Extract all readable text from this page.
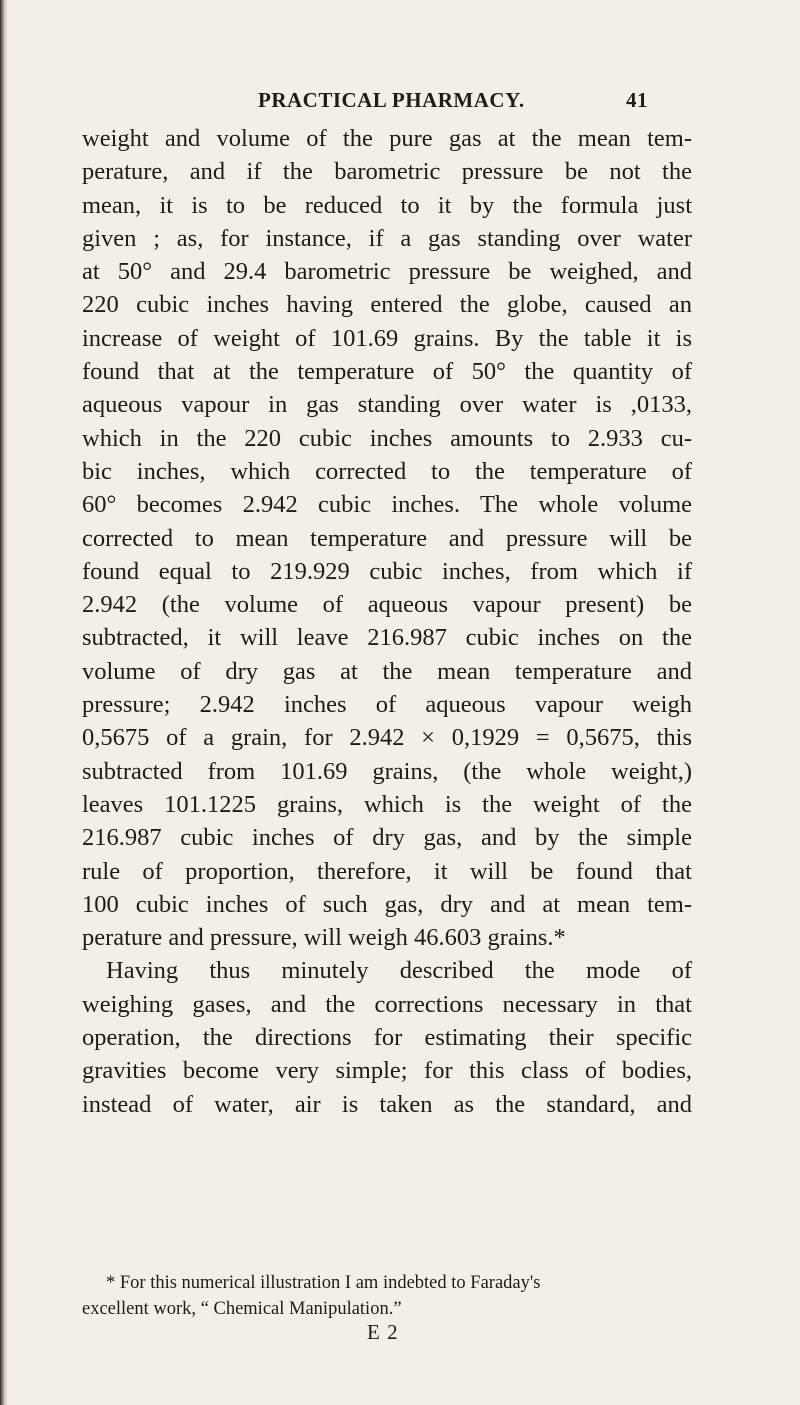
PRACTICAL PHARMACY.	41
weight and volume of the pure gas at the mean tem-
perature, and if the barometric pressure be not the
mean, it is to be reduced to it by the formula just
given ; as, for instance, if a gas standing over water
at 50° and 29.4 barometric pressure be weighed, and
220 cubic inches having entered the globe, caused an
increase of weight of 101.69 grains. By the table it is
found that at the temperature of 50° the quantity of
aqueous vapour in gas standing over water is ,0133,
which in the 220 cubic inches amounts to 2.933 cu-
bic inches, which corrected to the temperature of
60° becomes 2.942 cubic inches. The whole volume
corrected to mean temperature and pressure will be
found equal to 219.929 cubic inches, from which if
2.942 (the volume of aqueous vapour present) be
subtracted, it will leave 216.987 cubic inches on the
volume of dry gas at the mean temperature and
pressure; 2.942 inches of aqueous vapour weigh
0,5675 of a grain, for 2.942 × 0,1929 = 0,5675, this
subtracted from 101.69 grains, (the whole weight,)
leaves 101.1225 grains, which is the weight of the
216.987 cubic inches of dry gas, and by the simple
rule of proportion, therefore, it will be found that
100 cubic inches of such gas, dry and at mean tem-
perature and pressure, will weigh 46.603 grains.*
Having thus minutely described the mode of
weighing gases, and the corrections necessary in that
operation, the directions for estimating their specific
gravities become very simple; for this class of bodies,
instead of water, air is taken as the standard, and
* For this numerical illustration I am indebted to Faraday's
excellent work, “ Chemical Manipulation.”
E 2
